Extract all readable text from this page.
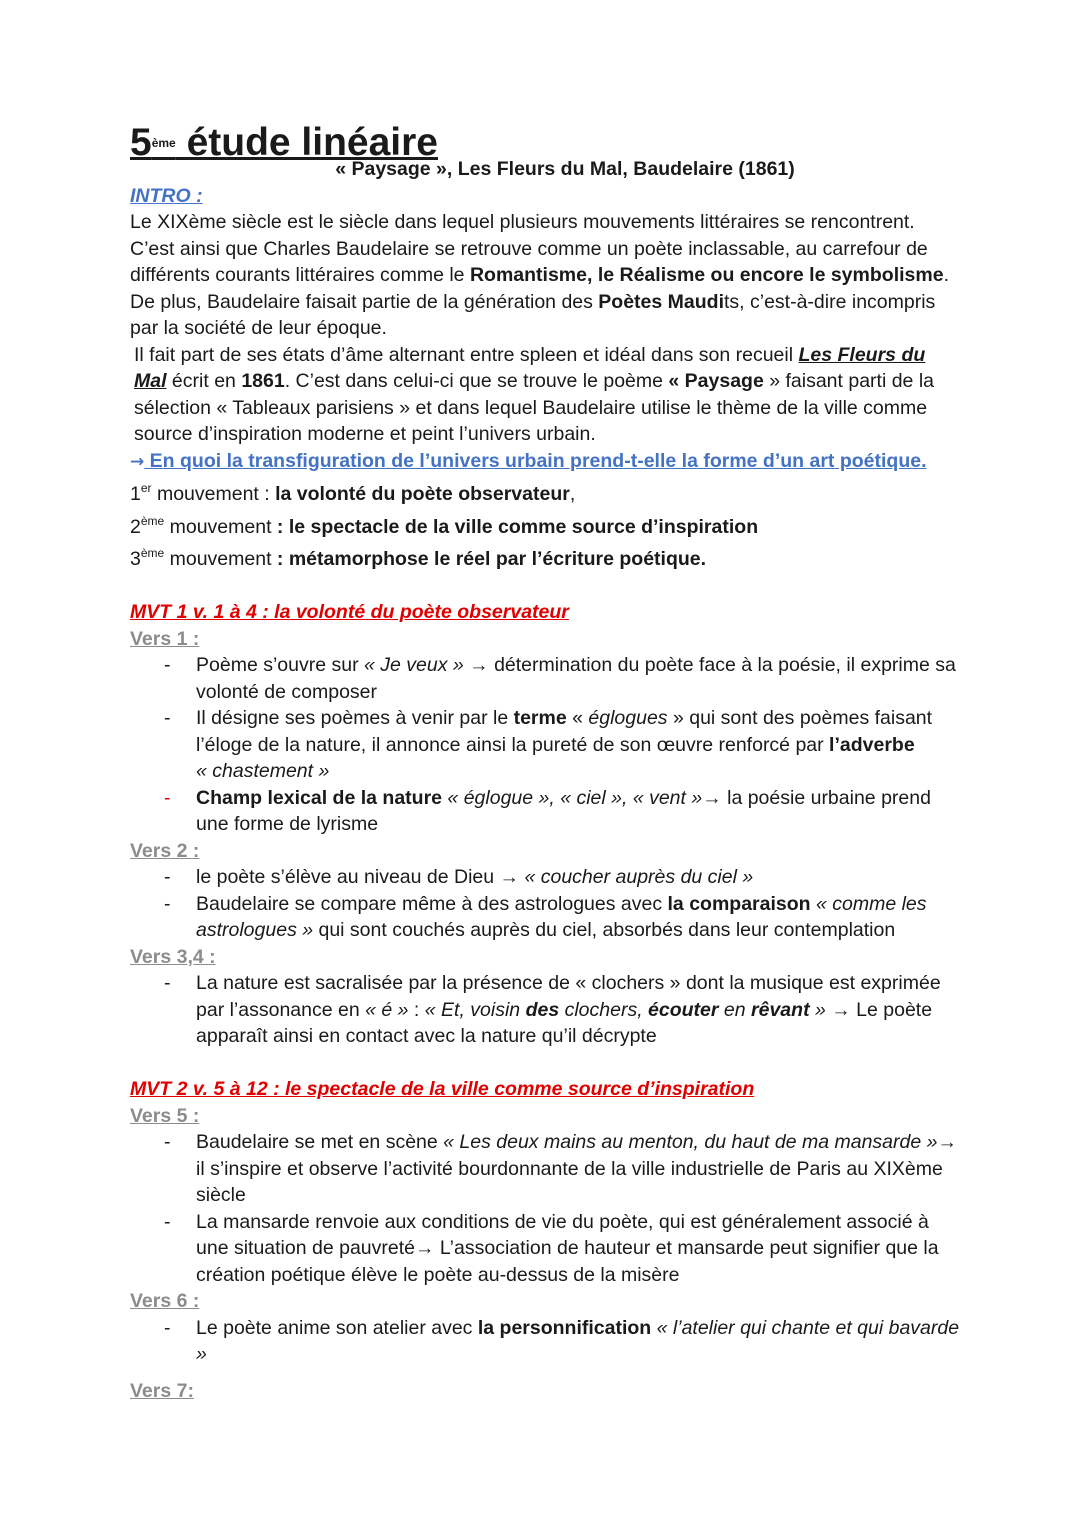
5ème étude linéaire

« Paysage », Les Fleurs du Mal, Baudelaire (1861)

INTRO :

Le XIXème siècle est le siècle dans lequel plusieurs mouvements littéraires se rencontrent. C’est ainsi que Charles Baudelaire se retrouve comme un poète inclassable, au carrefour de différents courants littéraires comme le Romantisme, le Réalisme ou encore le symbolisme. De plus, Baudelaire faisait partie de la génération des Poètes Maudits, c’est-à-dire incompris par la société de leur époque.

Il fait part de ses états d’âme alternant entre spleen et idéal dans son recueil Les Fleurs du Mal écrit en 1861. C’est dans celui-ci que se trouve le poème « Paysage » faisant parti de la sélection « Tableaux parisiens » et dans lequel Baudelaire utilise le thème de la ville comme source d’inspiration moderne et peint l’univers urbain.

→ En quoi la transfiguration de l’univers urbain prend-t-elle la forme d’un art poétique.

1er mouvement : la volonté du poète observateur,
2ème mouvement : le spectacle de la ville comme source d’inspiration
3ème mouvement : métamorphose le réel par l’écriture poétique.

MVT 1 v. 1 à 4 : la volonté du poète observateur

Vers 1 :

- Poème s’ouvre sur « Je veux » → détermination du poète face à la poésie, il exprime sa volonté de composer
- Il désigne ses poèmes à venir par le terme « églogues » qui sont des poèmes faisant l’éloge de la nature, il annonce ainsi la pureté de son œuvre renforcé par l’adverbe
« chastement »
- Champ lexical de la nature « églogue », « ciel », « vent »→ la poésie urbaine prend une forme de lyrisme

Vers 2 :

- le poète s’élève au niveau de Dieu → « coucher auprès du ciel »
- Baudelaire se compare même à des astrologues avec la comparaison « comme les astrologues » qui sont couchés auprès du ciel, absorbés dans leur contemplation

Vers 3,4 :

- La nature est sacralisée par la présence de « clochers » dont la musique est exprimée par l’assonance en « é » : « Et, voisin des clochers, écouter en rêvant » → Le poète apparaît ainsi en contact avec la nature qu’il décrypte

MVT 2 v. 5 à 12 : le spectacle de la ville comme source d’inspiration

Vers 5 :

- Baudelaire se met en scène « Les deux mains au menton, du haut de ma mansarde »→ il s’inspire et observe l’activité bourdonnante de la ville industrielle de Paris au XIXème siècle
- La mansarde renvoie aux conditions de vie du poète, qui est généralement associé à une situation de pauvreté→ L’association de hauteur et mansarde peut signifier que la création poétique élève le poète au-dessus de la misère

Vers 6 :

- Le poète anime son atelier avec la personnification « l’atelier qui chante et qui bavarde »

Vers 7:
